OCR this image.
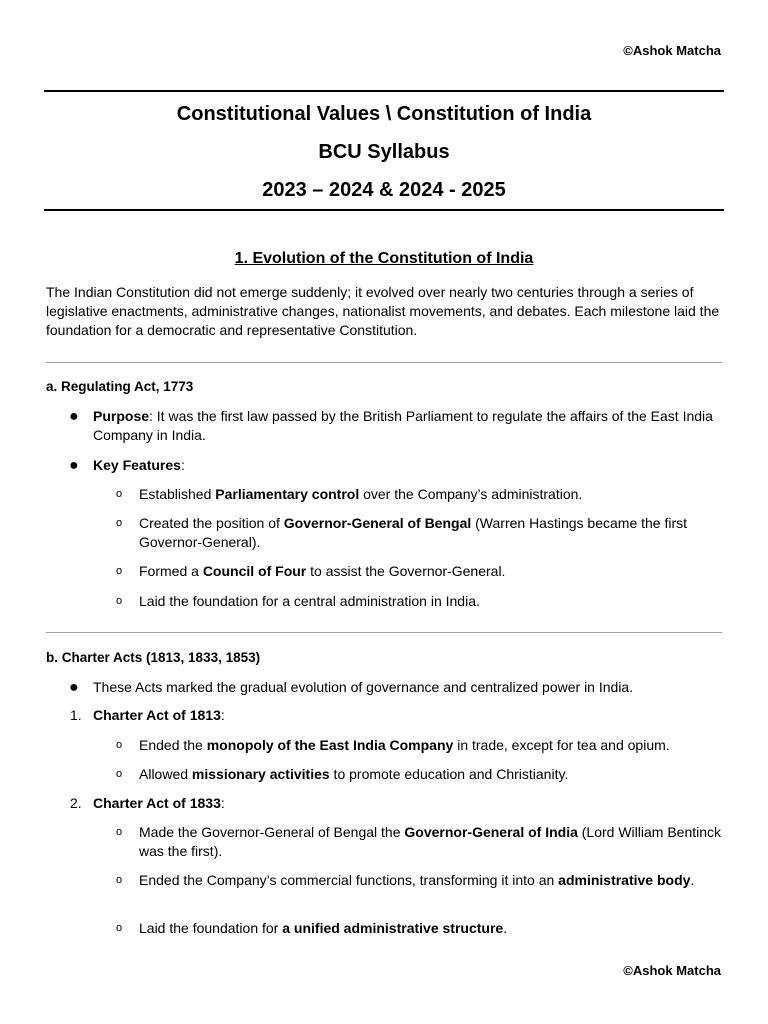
©Ashok Matcha
Constitutional Values \ Constitution of India
BCU Syllabus
2023 – 2024 & 2024 - 2025
1. Evolution of the Constitution of India
The Indian Constitution did not emerge suddenly; it evolved over nearly two centuries through a series of legislative enactments, administrative changes, nationalist movements, and debates. Each milestone laid the foundation for a democratic and representative Constitution.
a. Regulating Act, 1773
● Purpose: It was the first law passed by the British Parliament to regulate the affairs of the East India Company in India.
● Key Features:
o Established Parliamentary control over the Company’s administration.
o Created the position of Governor-General of Bengal (Warren Hastings became the first Governor-General).
o Formed a Council of Four to assist the Governor-General.
o Laid the foundation for a central administration in India.
b. Charter Acts (1813, 1833, 1853)
● These Acts marked the gradual evolution of governance and centralized power in India.
1. Charter Act of 1813:
o Ended the monopoly of the East India Company in trade, except for tea and opium.
o Allowed missionary activities to promote education and Christianity.
2. Charter Act of 1833:
o Made the Governor-General of Bengal the Governor-General of India (Lord William Bentinck was the first).
o Ended the Company’s commercial functions, transforming it into an administrative body.
o Laid the foundation for a unified administrative structure.
©Ashok Matcha
